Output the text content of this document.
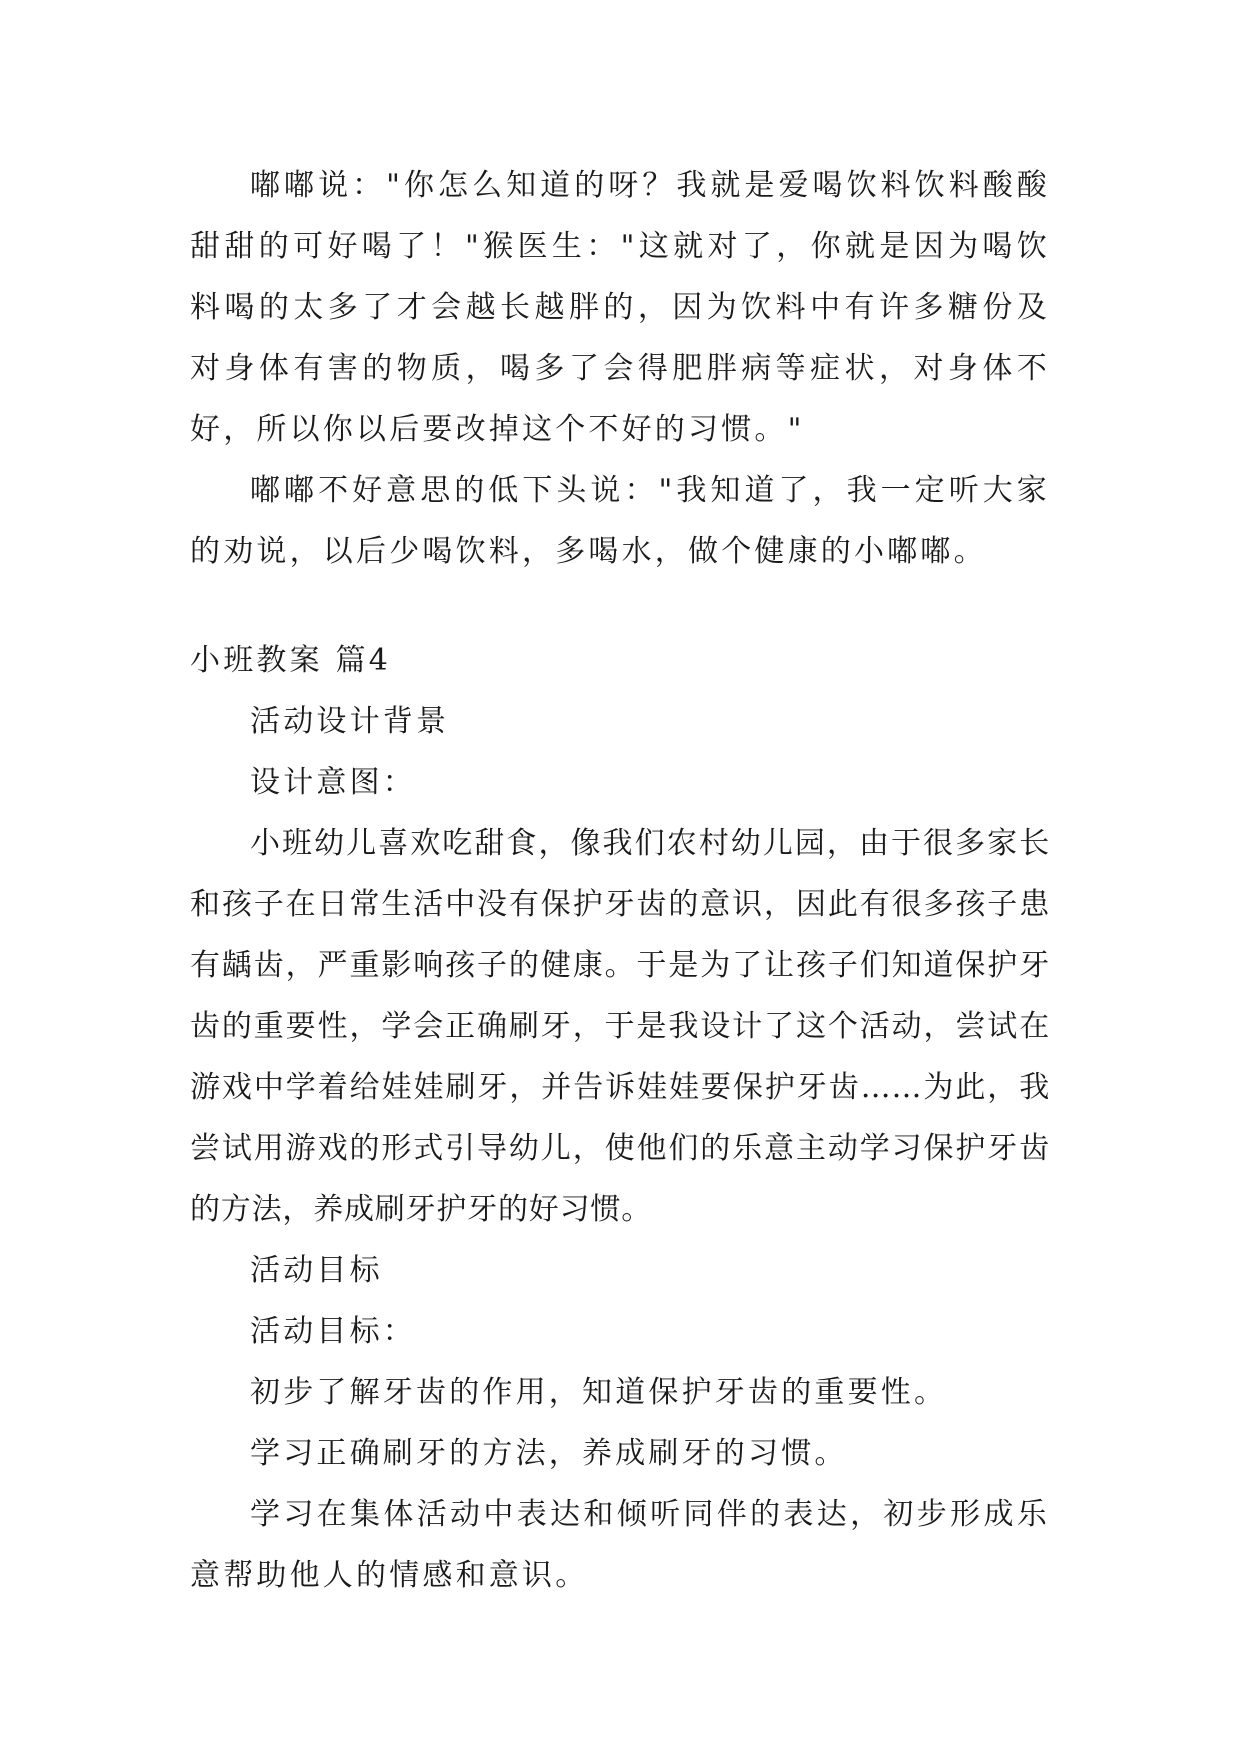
嘟嘟说："你怎么知道的呀？我就是爱喝饮料饮料酸酸甜甜的可好喝了！"猴医生："这就对了，你就是因为喝饮料喝的太多了才会越长越胖的，因为饮料中有许多糖份及对身体有害的物质，喝多了会得肥胖病等症状，对身体不好，所以你以后要改掉这个不好的习惯。"

嘟嘟不好意思的低下头说："我知道了，我一定听大家的劝说，以后少喝饮料，多喝水，做个健康的小嘟嘟。

小班教案 篇4

活动设计背景

设计意图：

小班幼儿喜欢吃甜食，像我们农村幼儿园，由于很多家长和孩子在日常生活中没有保护牙齿的意识，因此有很多孩子患有龋齿，严重影响孩子的健康。于是为了让孩子们知道保护牙齿的重要性，学会正确刷牙，于是我设计了这个活动，尝试在游戏中学着给娃娃刷牙，并告诉娃娃要保护牙齿……为此，我尝试用游戏的形式引导幼儿，使他们的乐意主动学习保护牙齿的方法，养成刷牙护牙的好习惯。

活动目标

活动目标：

初步了解牙齿的作用，知道保护牙齿的重要性。

学习正确刷牙的方法，养成刷牙的习惯。

学习在集体活动中表达和倾听同伴的表达，初步形成乐意帮助他人的情感和意识。
